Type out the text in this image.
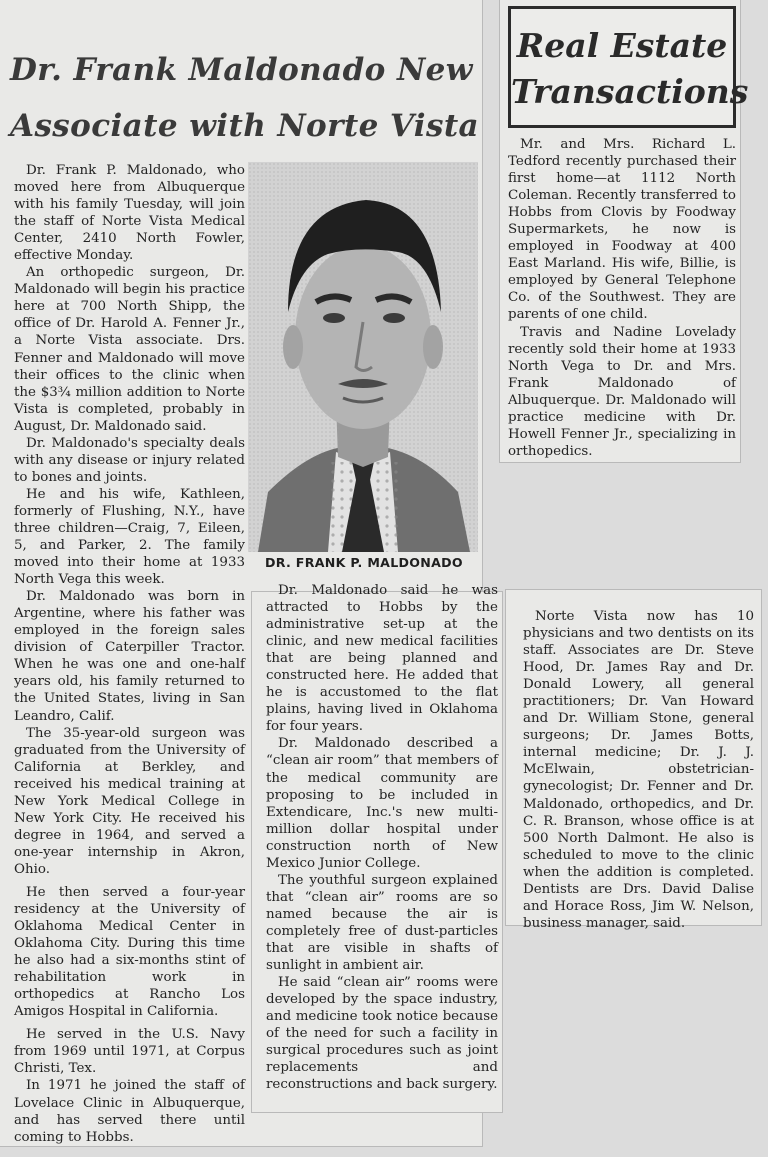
Dr. Frank Maldonado New
Associate with Norte Vista

Dr. Frank P. Maldonado, who moved here from Albuquerque with his family Tuesday, will join the staff of Norte Vista Medical Center, 2410 North Fowler, effective Monday.

An orthopedic surgeon, Dr. Maldonado will begin his practice here at 700 North Shipp, the office of Dr. Harold A. Fenner Jr., a Norte Vista associate. Drs. Fenner and Maldonado will move their offices to the clinic when the $3¾ million addition to Norte Vista is completed, probably in August, Dr. Maldonado said.

Dr. Maldonado's specialty deals with any disease or injury related to bones and joints.

He and his wife, Kathleen, formerly of Flushing, N.Y., have three children—Craig, 7, Eileen, 5, and Parker, 2. The family moved into their home at 1933 North Vega this week.

Dr. Maldonado was born in Argentine, where his father was employed in the foreign sales division of Caterpiller Tractor. When he was one and one-half years old, his family returned to the United States, living in San Leandro, Calif.

The 35-year-old surgeon was graduated from the University of California at Berkley, and received his medical training at New York Medical College in New York City. He received his degree in 1964, and served a one-year internship in Akron, Ohio.

He then served a four-year residency at the University of Oklahoma Medical Center in Oklahoma City. During this time he also had a six-months stint of rehabilitation work in orthopedics at Rancho Los Amigos Hospital in California.

He served in the U.S. Navy from 1969 until 1971, at Corpus Christi, Tex.

In 1971 he joined the staff of Lovelace Clinic in Albuquerque, and has served there until coming to Hobbs.

DR. FRANK P. MALDONADO

Dr. Maldonado said he was attracted to Hobbs by the administrative set-up at the clinic, and new medical facilities that are being planned and constructed here. He added that he is accustomed to the flat plains, having lived in Oklahoma for four years.

Dr. Maldonado described a “clean air room” that members of the medical community are proposing to be included in Extendicare, Inc.'s new multi-million dollar hospital under construction north of New Mexico Junior College.

The youthful surgeon explained that “clean air” rooms are so named because the air is completely free of dust-particles that are visible in shafts of sunlight in ambient air.

He said “clean air” rooms were developed by the space industry, and medicine took notice because of the need for such a facility in surgical procedures such as joint replacements and reconstructions and back surgery.

Norte Vista now has 10 physicians and two dentists on its staff. Associates are Dr. Steve Hood, Dr. James Ray and Dr. Donald Lowery, all general practitioners; Dr. Van Howard and Dr. William Stone, general surgeons; Dr. James Botts, internal medicine; Dr. J. J. McElwain, obstetrician-gynecologist; Dr. Fenner and Dr. Maldonado, orthopedics, and Dr. C. R. Branson, whose office is at 500 North Dalmont. He also is scheduled to move to the clinic when the addition is completed. Dentists are Drs. David Dalise and Horace Ross, Jim W. Nelson, business manager, said.

Real Estate

Transactions

Mr. and Mrs. Richard L. Tedford recently purchased their first home—at 1112 North Coleman. Recently transferred to Hobbs from Clovis by Foodway Supermarkets, he now is employed in Foodway at 400 East Marland. His wife, Billie, is employed by General Telephone Co. of the Southwest. They are parents of one child.

Travis and Nadine Lovelady recently sold their home at 1933 North Vega to Dr. and Mrs. Frank Maldonado of Albuquerque. Dr. Maldonado will practice medicine with Dr. Howell Fenner Jr., specializing in orthopedics.
